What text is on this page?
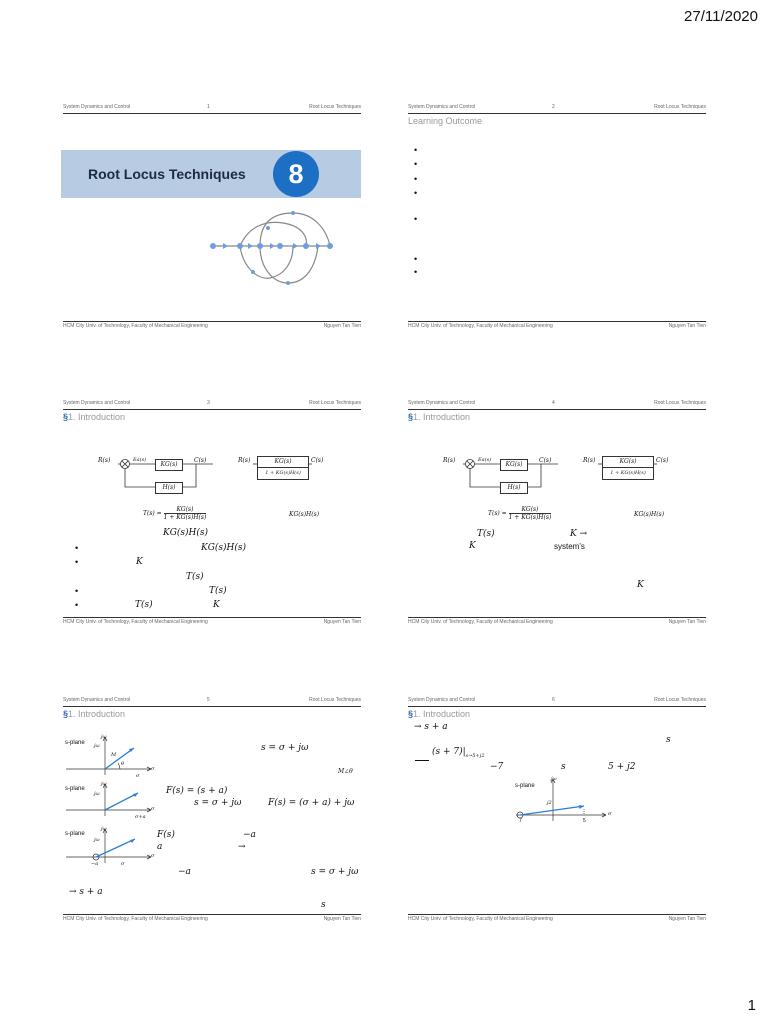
27/11/2020
System Dynamics and Control	1	Root Locus Techniques
Root Locus Techniques	8
HCM City Univ. of Technology, Faculty of Mechanical Engineering	Nguyen Tan Tien
System Dynamics and Control	2	Root Locus Techniques
Learning Outcome
•
•
•
•
•
•
•
HCM City Univ. of Technology, Faculty of Mechanical Engineering	Nguyen Tan Tien
System Dynamics and Control	3	Root Locus Techniques
§1. Introduction
R(s)	Ea(s)
KG(s)
C(s)
H(s)
R(s)	KG(s)
1 + KG(s)H(s)
C(s)
$T(s) = \frac{KG(s)}{1 + KG(s)H(s)}$	KG(s)H(s)
KG(s)H(s)
•	KG(s)H(s)
•	K
T(s)
•	T(s)
•	T(s)	K
HCM City Univ. of Technology, Faculty of Mechanical Engineering	Nguyen Tan Tien
System Dynamics and Control	4	Root Locus Techniques
§1. Introduction
R(s)	Ea(s)
KG(s)
C(s)
H(s)
R(s)	KG(s)
1 + KG(s)H(s)
C(s)
$T(s) = \frac{KG(s)}{1 + KG(s)H(s)}$	KG(s)H(s)
T(s)	K →
K	system's
K
HCM City Univ. of Technology, Faculty of Mechanical Engineering	Nguyen Tan Tien
System Dynamics and Control	5	Root Locus Techniques
§1. Introduction
s-plane
jω
jω
M
θ
σ
σ
s = σ + jω
M∠θ
s-plane
jω
jω
σ
σ+a
F(s) = (s + a)
s = σ + jω	F(s) = (σ + a) + jω
s-plane
jω
jω
σ
σ
−a
F(s)	−a
a	→
−a	s = σ + jω
→ s + a
s
HCM City Univ. of Technology, Faculty of Mechanical Engineering	Nguyen Tan Tien
System Dynamics and Control	6	Root Locus Techniques
§1. Introduction
→ s + a
s
$(s + 7)|_{s\to 5+j2}$
−7	s	5 + j2
s-plane
jω
j2
σ
7	5
HCM City Univ. of Technology, Faculty of Mechanical Engineering	Nguyen Tan Tien
1
